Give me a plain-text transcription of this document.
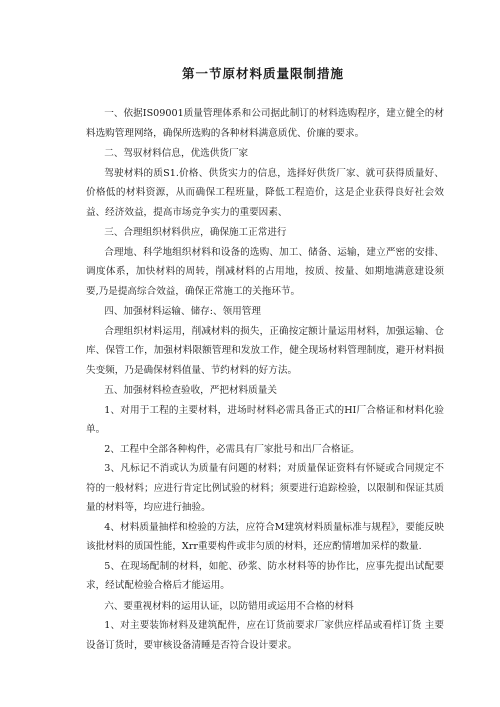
第一节原材料质量限制措施

一、依据IS09001质量管理体系和公司据此制订的材料选购程序，建立健全的材料选购管理网络，确保所选购的各种材料满意质优、价廉的要求。

二、驾驭材料信息，优选供货厂家

驾驶材料的质S1.价格、供货实力的信息，选择好供货厂家、就可获得质量好、价格低的材料资源，从而确保工程班量，降低工程造价，这是企业获得良好社会效益、经济效益，提高市场竞争实力的重要因素、

三、合理组织材料供应，确保施工正常进行

合理地、科学地组织材料和设备的选购、加工、储备、运输，建立严密的安排、调度体系，加快材料的周转，削减材料的占用地，按质、按量、如期地满意建设须要,乃是提高综合效益，确保正常施工的关拖环节。

四、加强材料运输、储存:、领用管理

合理组织材料运用，削减材料的损失，正确按定额计量运用材料，加强运输、仓库、保管工作，加强材料限额管理和发放工作，健全现场材料管理制度，避开材料损失变频，乃是确保材料值量、节约材料的好方法。

五、加强材料检查验收，严把材料质量关

1、对用于工程的主要材料，进场时材料必需具备正式的HI厂合格证和材料化验单。

2、工程中全部各种构件，必需具有厂家批号和出厂合格证。

3、凡标记不消或认为质量有问题的材料；对质量保证资料有怀疑或合同规定不符的一般材料；应进行肯定比例试验的材料；须要进行追踪检验，以限制和保证其质量的材料等，均应进行抽验。

4、材料质量抽样和检验的方法，应符合M建筑材料质量标准与规程》，要能反映该批材料的质国性能，Xrr重要构件或非匀质的材料，还应酌情增加采样的数量.

5、在现场配制的材料，如舵、砂浆、防水材料等的协作比，应事先提出试配要求，经试配检验合格后才能运用。

六、要重视材料的运用认证，以防错用或运用不合格的材料

1、对主要装饰材料及建筑配件，应在订货前要求厂家供应样品或看样订货 主要设备订货时，要审核设备清睡是否符合设计要求。
